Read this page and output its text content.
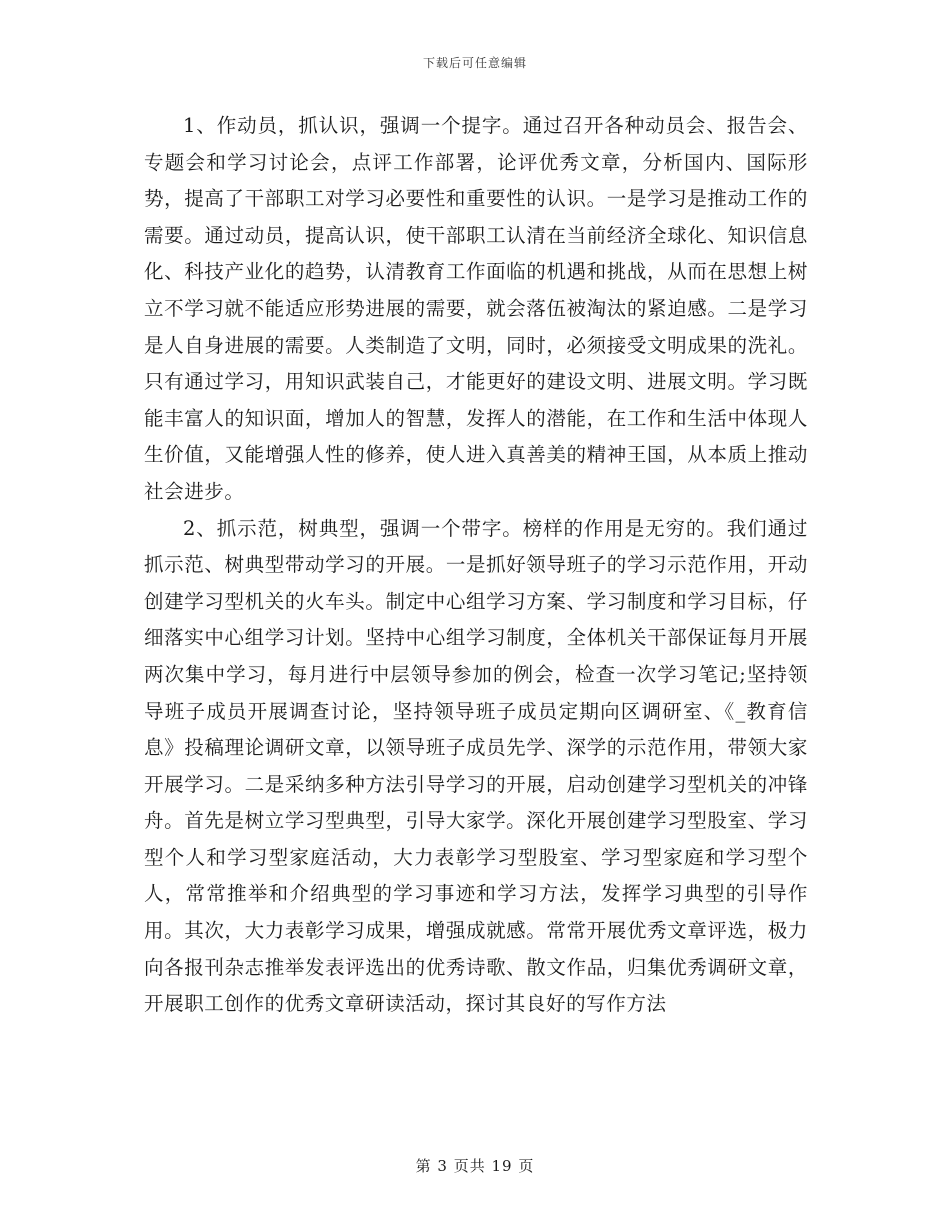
下载后可任意编辑

1、作动员，抓认识，强调一个提字。通过召开各种动员会、报告会、专题会和学习讨论会，点评工作部署，论评优秀文章，分析国内、国际形势，提高了干部职工对学习必要性和重要性的认识。一是学习是推动工作的需要。通过动员，提高认识，使干部职工认清在当前经济全球化、知识信息化、科技产业化的趋势，认清教育工作面临的机遇和挑战，从而在思想上树立不学习就不能适应形势进展的需要，就会落伍被淘汰的紧迫感。二是学习是人自身进展的需要。人类制造了文明，同时，必须接受文明成果的洗礼。只有通过学习，用知识武装自己，才能更好的建设文明、进展文明。学习既能丰富人的知识面，增加人的智慧，发挥人的潜能，在工作和生活中体现人生价值，又能增强人性的修养，使人进入真善美的精神王国，从本质上推动社会进步。

2、抓示范，树典型，强调一个带字。榜样的作用是无穷的。我们通过抓示范、树典型带动学习的开展。一是抓好领导班子的学习示范作用，开动创建学习型机关的火车头。制定中心组学习方案、学习制度和学习目标，仔细落实中心组学习计划。坚持中心组学习制度，全体机关干部保证每月开展两次集中学习，每月进行中层领导参加的例会，检查一次学习笔记;坚持领导班子成员开展调查讨论，坚持领导班子成员定期向区调研室、《_教育信息》投稿理论调研文章，以领导班子成员先学、深学的示范作用，带领大家开展学习。二是采纳多种方法引导学习的开展，启动创建学习型机关的冲锋舟。首先是树立学习型典型，引导大家学。深化开展创建学习型股室、学习型个人和学习型家庭活动，大力表彰学习型股室、学习型家庭和学习型个人，常常推举和介绍典型的学习事迹和学习方法，发挥学习典型的引导作用。其次，大力表彰学习成果，增强成就感。常常开展优秀文章评选，极力向各报刊杂志推举发表评选出的优秀诗歌、散文作品，归集优秀调研文章，开展职工创作的优秀文章研读活动，探讨其良好的写作方法

第 3 页共 19 页
